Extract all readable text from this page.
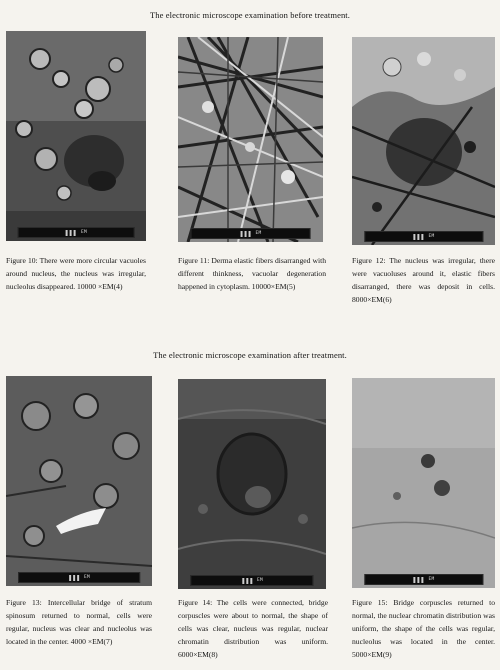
The electronic microscope examination before treatment.
EM	EM
EM

Figure 10: There were more circular vacuoles around nucleus, the nucleus was irregular, nucleolus disappeared. 10000 ×EM(4)

Figure 11: Derma elastic fibers disarranged with different thinkness, vacuolar degeneration happened in cytoplasm. 10000×EM(5)

Figure 12: The nucleus was irregular, there were vacuoluses around it, elastic fibers disarranged, there was deposit in cells. 8000×EM(6)

The electronic microscope examination after treatment.
EM
EM	EM

Figure 13: Intercellular bridge of stratum spinosum returned to normal, cells were regular, nucleus was clear and nucleolus was located in the center. 4000 ×EM(7)

Figure 14: The cells were connected, bridge corpuscles were about to normal, the shape of cells was clear, nucleus was regular, nuclear chromatin distribution was uniform. 6000×EM(8)

Figure 15: Bridge corpuscles returned to normal, the nuclear chromatin distribution was uniform, the shape of the cells was regular, nucleolus was located in the center. 5000×EM(9)
